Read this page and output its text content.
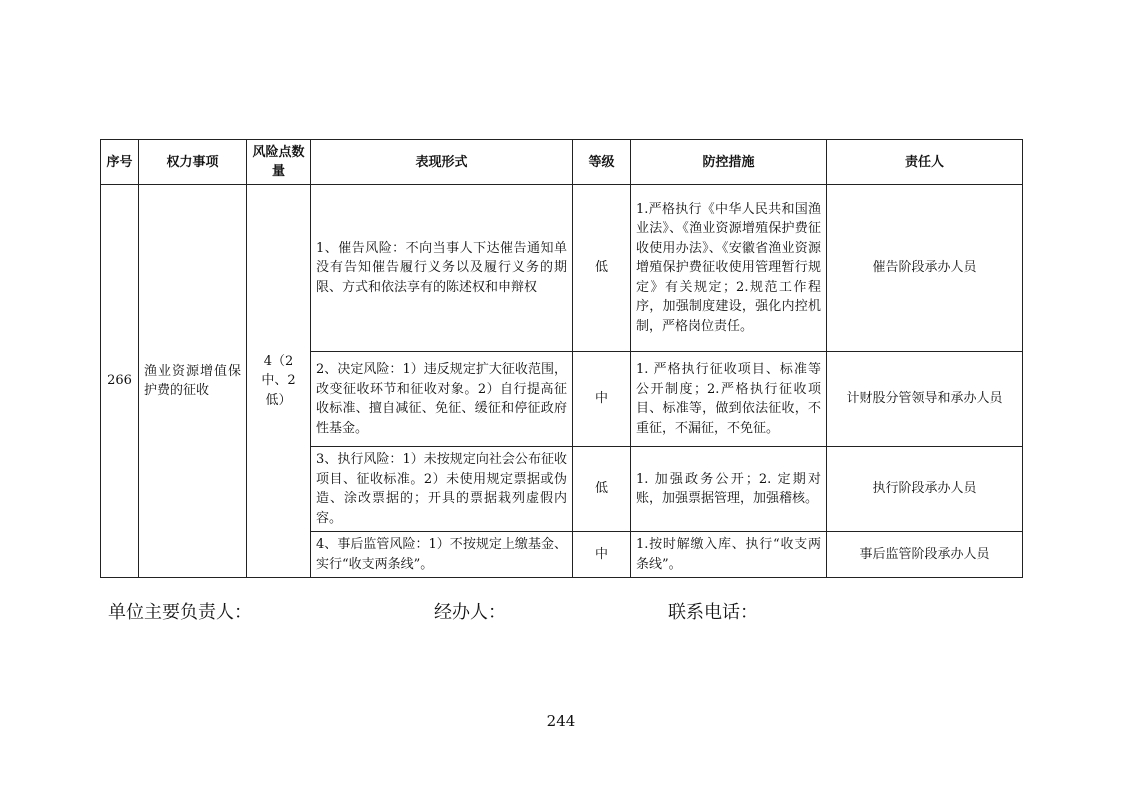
序号	权力事项	风险点数量	表现形式	等级	防控措施	责任人
266	渔业资源增值保护费的征收	4（2中、2低）	1、催告风险：不向当事人下达催告通知单没有告知催告履行义务以及履行义务的期限、方式和依法享有的陈述权和申辩权	低	1.严格执行《中华人民共和国渔业法》、《渔业资源增殖保护费征收使用办法》、《安徽省渔业资源增殖保护费征收使用管理暂行规定》有关规定；2.规范工作程序，加强制度建设，强化内控机制，严格岗位责任。	催告阶段承办人员
			2、决定风险：1）违反规定扩大征收范围，改变征收环节和征收对象。2）自行提高征收标准、擅自减征、免征、缓征和停征政府性基金。	中	1. 严格执行征收项目、标准等公开制度；2.严格执行征收项目、标准等，做到依法征收，不重征，不漏征，不免征。	计财股分管领导和承办人员
			3、执行风险：1）未按规定向社会公布征收项目、征收标准。2）未使用规定票据或伪造、涂改票据的；开具的票据栽列虚假内容。	低	1. 加强政务公开；2. 定期对账，加强票据管理，加强稽核。	执行阶段承办人员
			4、事后监管风险：1）不按规定上缴基金、实行“收支两条线”。	中	1.按时解缴入库、执行“收支两条线”。	事后监管阶段承办人员
单位主要负责人：	经办人：	联系电话：
244
